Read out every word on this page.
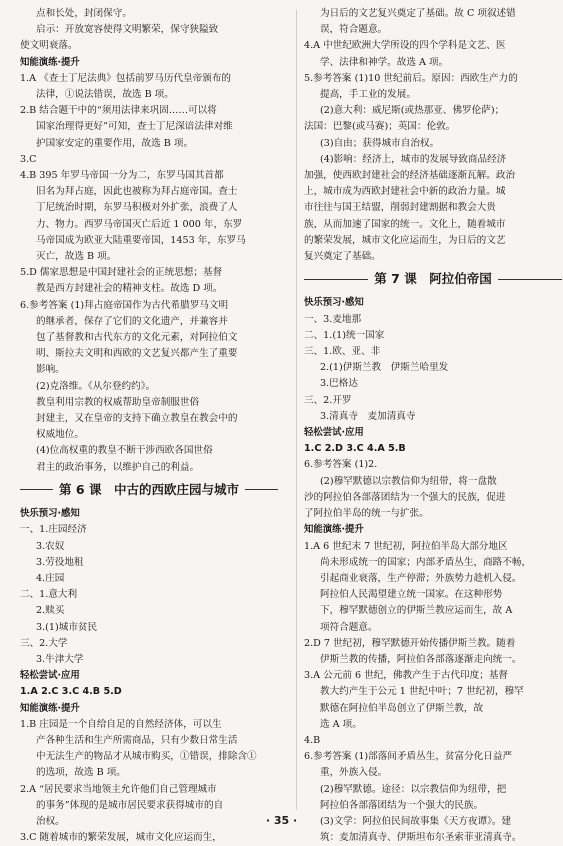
点和长处，封闭保守。
启示：开放宽容使得文明繁荣，保守狭隘致
使文明衰落。
知能演练·提升
1.A 《查士丁尼法典》包括前罗马历代皇帝颁布的
法律，①说法错误，故选 B 项。
2.B 结合题干中的“须用法律来巩固……可以将
国家治理得更好”可知，查士丁尼深谙法律对维
护国家安定的重要作用，故选 B 项。
3.C
4.B 395 年罗马帝国一分为二，东罗马国其首都
旧名为拜占庭，因此也被称为拜占庭帝国。查士
丁尼统治时期，东罗马积极对外扩张，浪费了人
力、物力。西罗马帝国灭亡后近 1 000 年，东罗
马帝国成为欧亚大陆重要帝国，1453 年，东罗马
灭亡，故选 B 项。
5.D 儒家思想是中国封建社会的正统思想；基督
教是西方封建社会的精神支柱。故选 D 项。
6.参考答案 (1)拜占庭帝国作为古代希腊罗马文明
的继承者，保存了它们的文化遗产，并兼容并
包了基督教和古代东方的文化元素，对阿拉伯文
明、斯拉夫文明和西欧的文艺复兴都产生了重要
影响。
(2)克洛维。《从尔登约约》。
教皇利用宗教的权威帮助皇帝制服世俗
封建主，又在皇帝的支持下确立教皇在教会中的
权威地位。
(4)位高权重的教皇不断干涉西欧各国世俗
君主的政治事务，以维护自己的利益。
第 6 课　中古的西欧庄园与城市
快乐预习·感知
一、1.庄园经济
3.农奴
3.劳役地租
4.庄园
二、1.意大利
2.赎买
3.(1)城市贫民
三、2.大学
3.牛津大学
轻松尝试·应用
1.A 2.C 3.C 4.B 5.D
知能演练·提升
1.B 庄园是一个自给自足的自然经济体，可以生
产各种生活和生产所需商品，只有少数日常生活
中无法生产的物品才从城市购买，①错误，排除含①
的选项，故选 B 项。
2.A “居民要求当地领主允许他们自己管理城市
的事务”体现的是城市居民要求获得城市的自
治权。
3.C 随着城市的繁荣发展，城市文化应运而生，
为日后的文艺复兴奠定了基础。故 C 项叙述错
误，符合题意。
4.A 中世纪欧洲大学所设的四个学科是文艺、医
学、法律和神学。故选 A 项。
5.参考答案 (1)10 世纪前后。原因：西欧生产力的
提高，手工业的发展。
(2)意大利：威尼斯(或热那亚、佛罗伦萨)；
法国：巴黎(或马赛)；英国：伦敦。
(3)自由；获得城市自治权。
(4)影响：经济上，城市的发展导致商品经济
加强，使西欧封建社会的经济基础逐渐瓦解。政治
上，城市成为西欧封建社会中新的政治力量。城
市往往与国王结盟，削弱封建割据和教会大贵
族，从而加速了国家的统一。文化上，随着城市
的繁荣发展，城市文化应运而生，为日后的文艺
复兴奠定了基础。
第 7 课　阿拉伯帝国
快乐预习·感知
一、3.麦地那
二、1.(1)统一国家
三、1.欧、亚、非
2.(1)伊斯兰教　伊斯兰哈里发
3.巴格达
三、2.开罗
3.清真寺　麦加清真寺
轻松尝试·应用
1.C 2.D 3.C 4.A 5.B
6.参考答案 (1)2.
(2)穆罕默德以宗教信仰为纽带，将一盘散
沙的阿拉伯各部落团结为一个强大的民族，促进
了阿拉伯半岛的统一与扩张。
知能演练·提升
1.A 6 世纪末 7 世纪初，阿拉伯半岛大部分地区
尚未形成统一的国家；内部矛盾丛生，商路不畅，
引起商业衰落，生产停滞；外族势力趁机入侵。
阿拉伯人民渴望建立统一国家。在这种形势
下，穆罕默德创立的伊斯兰教应运而生，故 A
项符合题意。
2.D 7 世纪初，穆罕默德开始传播伊斯兰教。随着
伊斯兰教的传播，阿拉伯各部落逐渐走向统一。
3.A 公元前 6 世纪，佛教产生于古代印度；基督
教大约产生于公元 1 世纪中叶；7 世纪初，穆罕
默德在阿拉伯半岛创立了伊斯兰教，故
选 A 项。
4.B
6.参考答案 (1)部落间矛盾丛生，贫富分化日益严
重，外族入侵。
(2)穆罕默德。途径：以宗教信仰为纽带，把
阿拉伯各部落团结为一个强大的民族。
(3)文学：阿拉伯民间故事集《天方夜谭》。建
筑：麦加清真寺、伊斯坦布尔圣索菲亚清真寺。
· 35 ·
